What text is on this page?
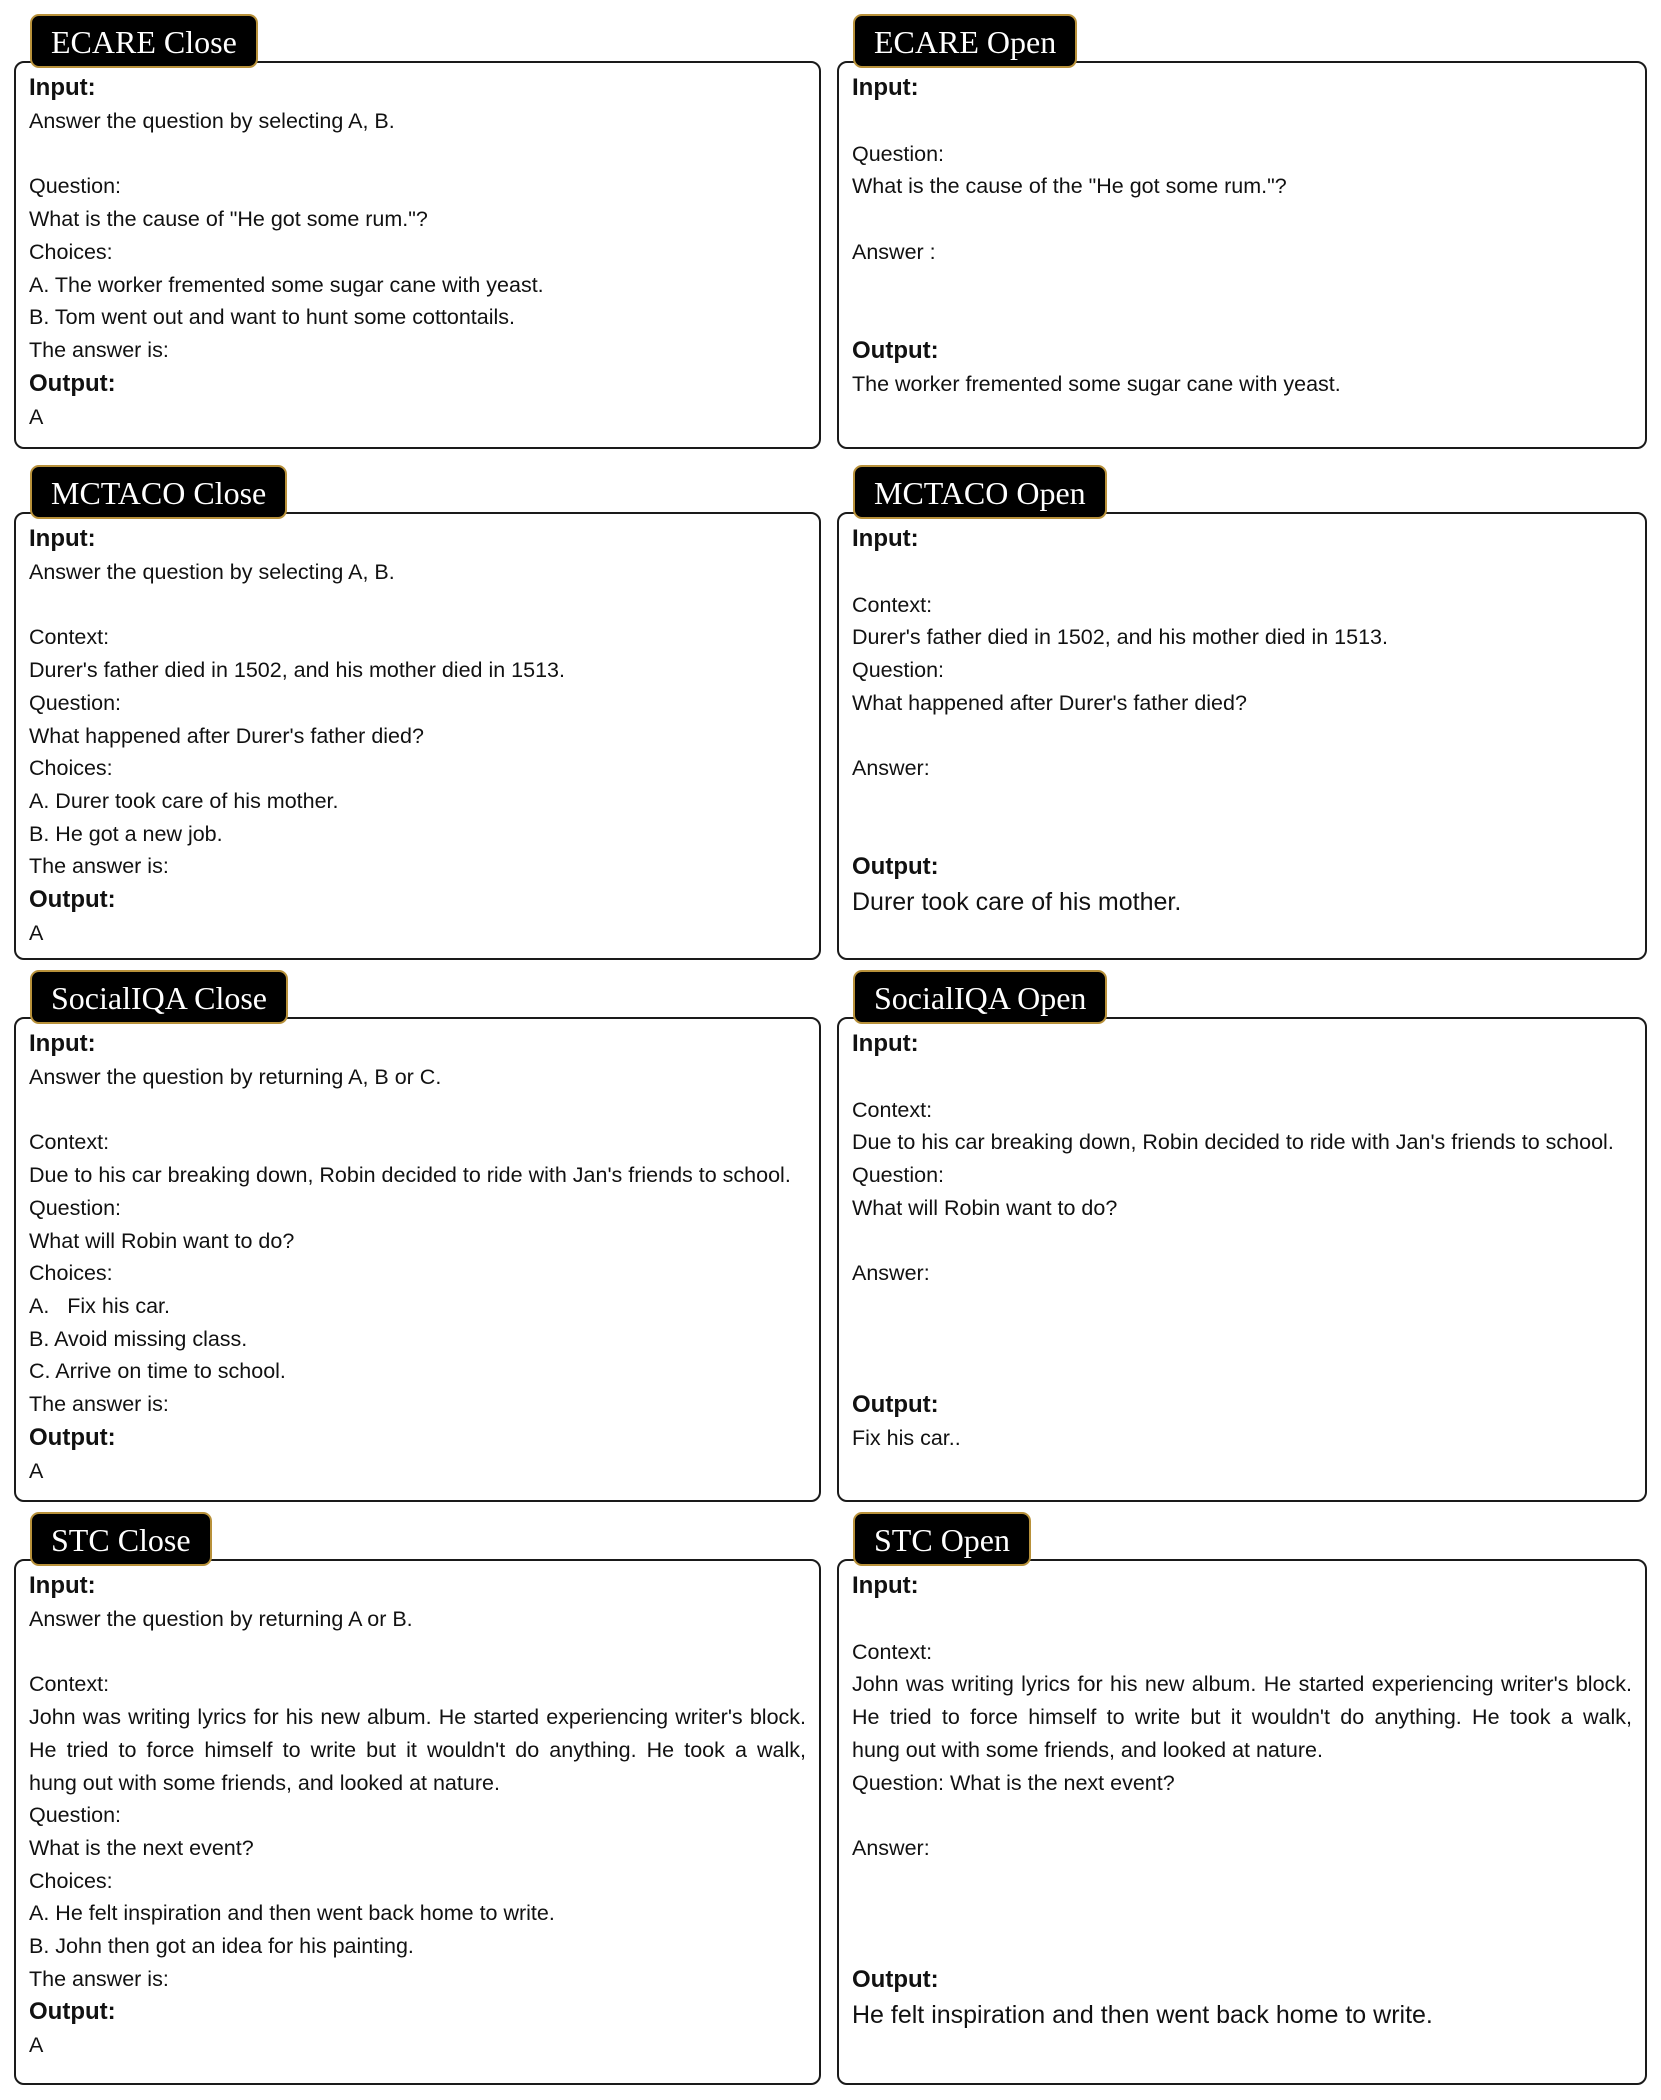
ECARE Close
Input:
Answer the question by selecting A, B.
Question:
What is the cause of "He got some rum."?
Choices:
A. The worker fremented some sugar cane with yeast.
B. Tom went out and want to hunt some cottontails.
The answer is:
Output:
A
ECARE Open
Input:
Question:
What is the cause of the "He got some rum."?
Answer :
Output:
The worker fremented some sugar cane with yeast.
MCTACO Close
Input:
Answer the question by selecting A, B.
Context:
Durer's father died in 1502, and his mother died in 1513.
Question:
What happened after Durer's father died?
Choices:
A. Durer took care of his mother.
B. He got a new job.
The answer is:
Output:
A
MCTACO Open
Input:
Context:
Durer's father died in 1502, and his mother died in 1513.
Question:
What happened after Durer's father died?
Answer:
Output:
Durer took care of his mother.
SocialIQA Close
Input:
Answer the question by returning A, B or C.
Context:
Due to his car breaking down, Robin decided to ride with Jan's friends to school.
Question:
What will Robin want to do?
Choices:
A.   Fix his car.
B. Avoid missing class.
C. Arrive on time to school.
The answer is:
Output:
A
SocialIQA Open
Input:
Context:
Due to his car breaking down, Robin decided to ride with Jan's friends to school.
Question:
What will Robin want to do?
Answer:
Output:
Fix his car..
STC Close
Input:
Answer the question by returning A or B.
Context:
John was writing lyrics for his new album. He started experiencing writer's block.
He tried to force himself to write but it wouldn't do anything. He took a walk,
hung out with some friends, and looked at nature.
Question:
What is the next event?
Choices:
A. He felt inspiration and then went back home to write.
B. John then got an idea for his painting.
The answer is:
Output:
A
STC Open
Input:
Context:
John was writing lyrics for his new album. He started experiencing writer's block.
He tried to force himself to write but it wouldn't do anything. He took a walk,
hung out with some friends, and looked at nature.
Question: What is the next event?
Answer:
Output:
He felt inspiration and then went back home to write.
